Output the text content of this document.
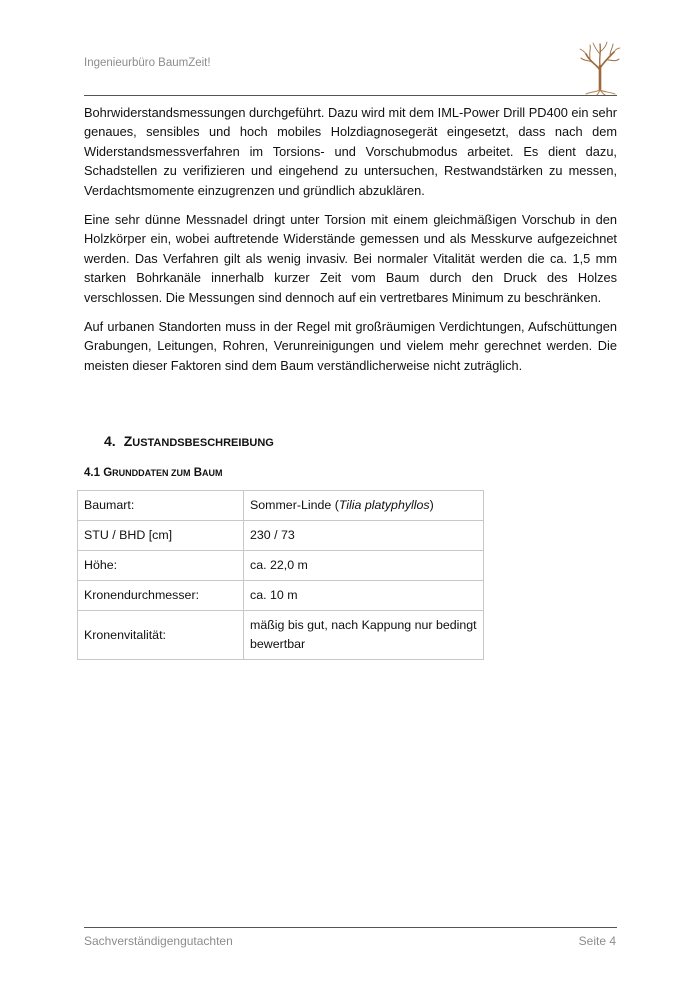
Ingenieurbüro BaumZeit!

Bohrwiderstandsmessungen durchgeführt. Dazu wird mit dem IML-Power Drill PD400 ein sehr genaues, sensibles und hoch mobiles Holzdiagnosegerät eingesetzt, dass nach dem Widerstandsmessverfahren im Torsions- und Vorschubmodus arbeitet. Es dient dazu, Schadstellen zu verifizieren und eingehend zu untersuchen, Restwandstärken zu messen, Verdachtsmomente einzugrenzen und gründlich abzuklären.

Eine sehr dünne Messnadel dringt unter Torsion mit einem gleichmäßigen Vorschub in den Holzkörper ein, wobei auftretende Widerstände gemessen und als Messkurve aufgezeichnet werden. Das Verfahren gilt als wenig invasiv. Bei normaler Vitalität werden die ca. 1,5 mm starken Bohrkanäle innerhalb kurzer Zeit vom Baum durch den Druck des Holzes verschlossen. Die Messungen sind dennoch auf ein vertretbares Minimum zu beschränken.

Auf urbanen Standorten muss in der Regel mit großräumigen Verdichtungen, Aufschüttungen Grabungen, Leitungen, Rohren, Verunreinigungen und vielem mehr gerechnet werden. Die meisten dieser Faktoren sind dem Baum verständlicherweise nicht zuträglich.

4. ZUSTANDSBESCHREIBUNG
4.1 GRUNDDATEN ZUM BAUM
Baumart:	Sommer-Linde (Tilia platyphyllos)
STU / BHD [cm]	230 / 73
Höhe:	ca. 22,0 m
Kronendurchmesser:	ca. 10 m
Kronenvitalität:	mäßig bis gut, nach Kappung nur bedingt bewertbar
Sachverständigengutachten	Seite 4
